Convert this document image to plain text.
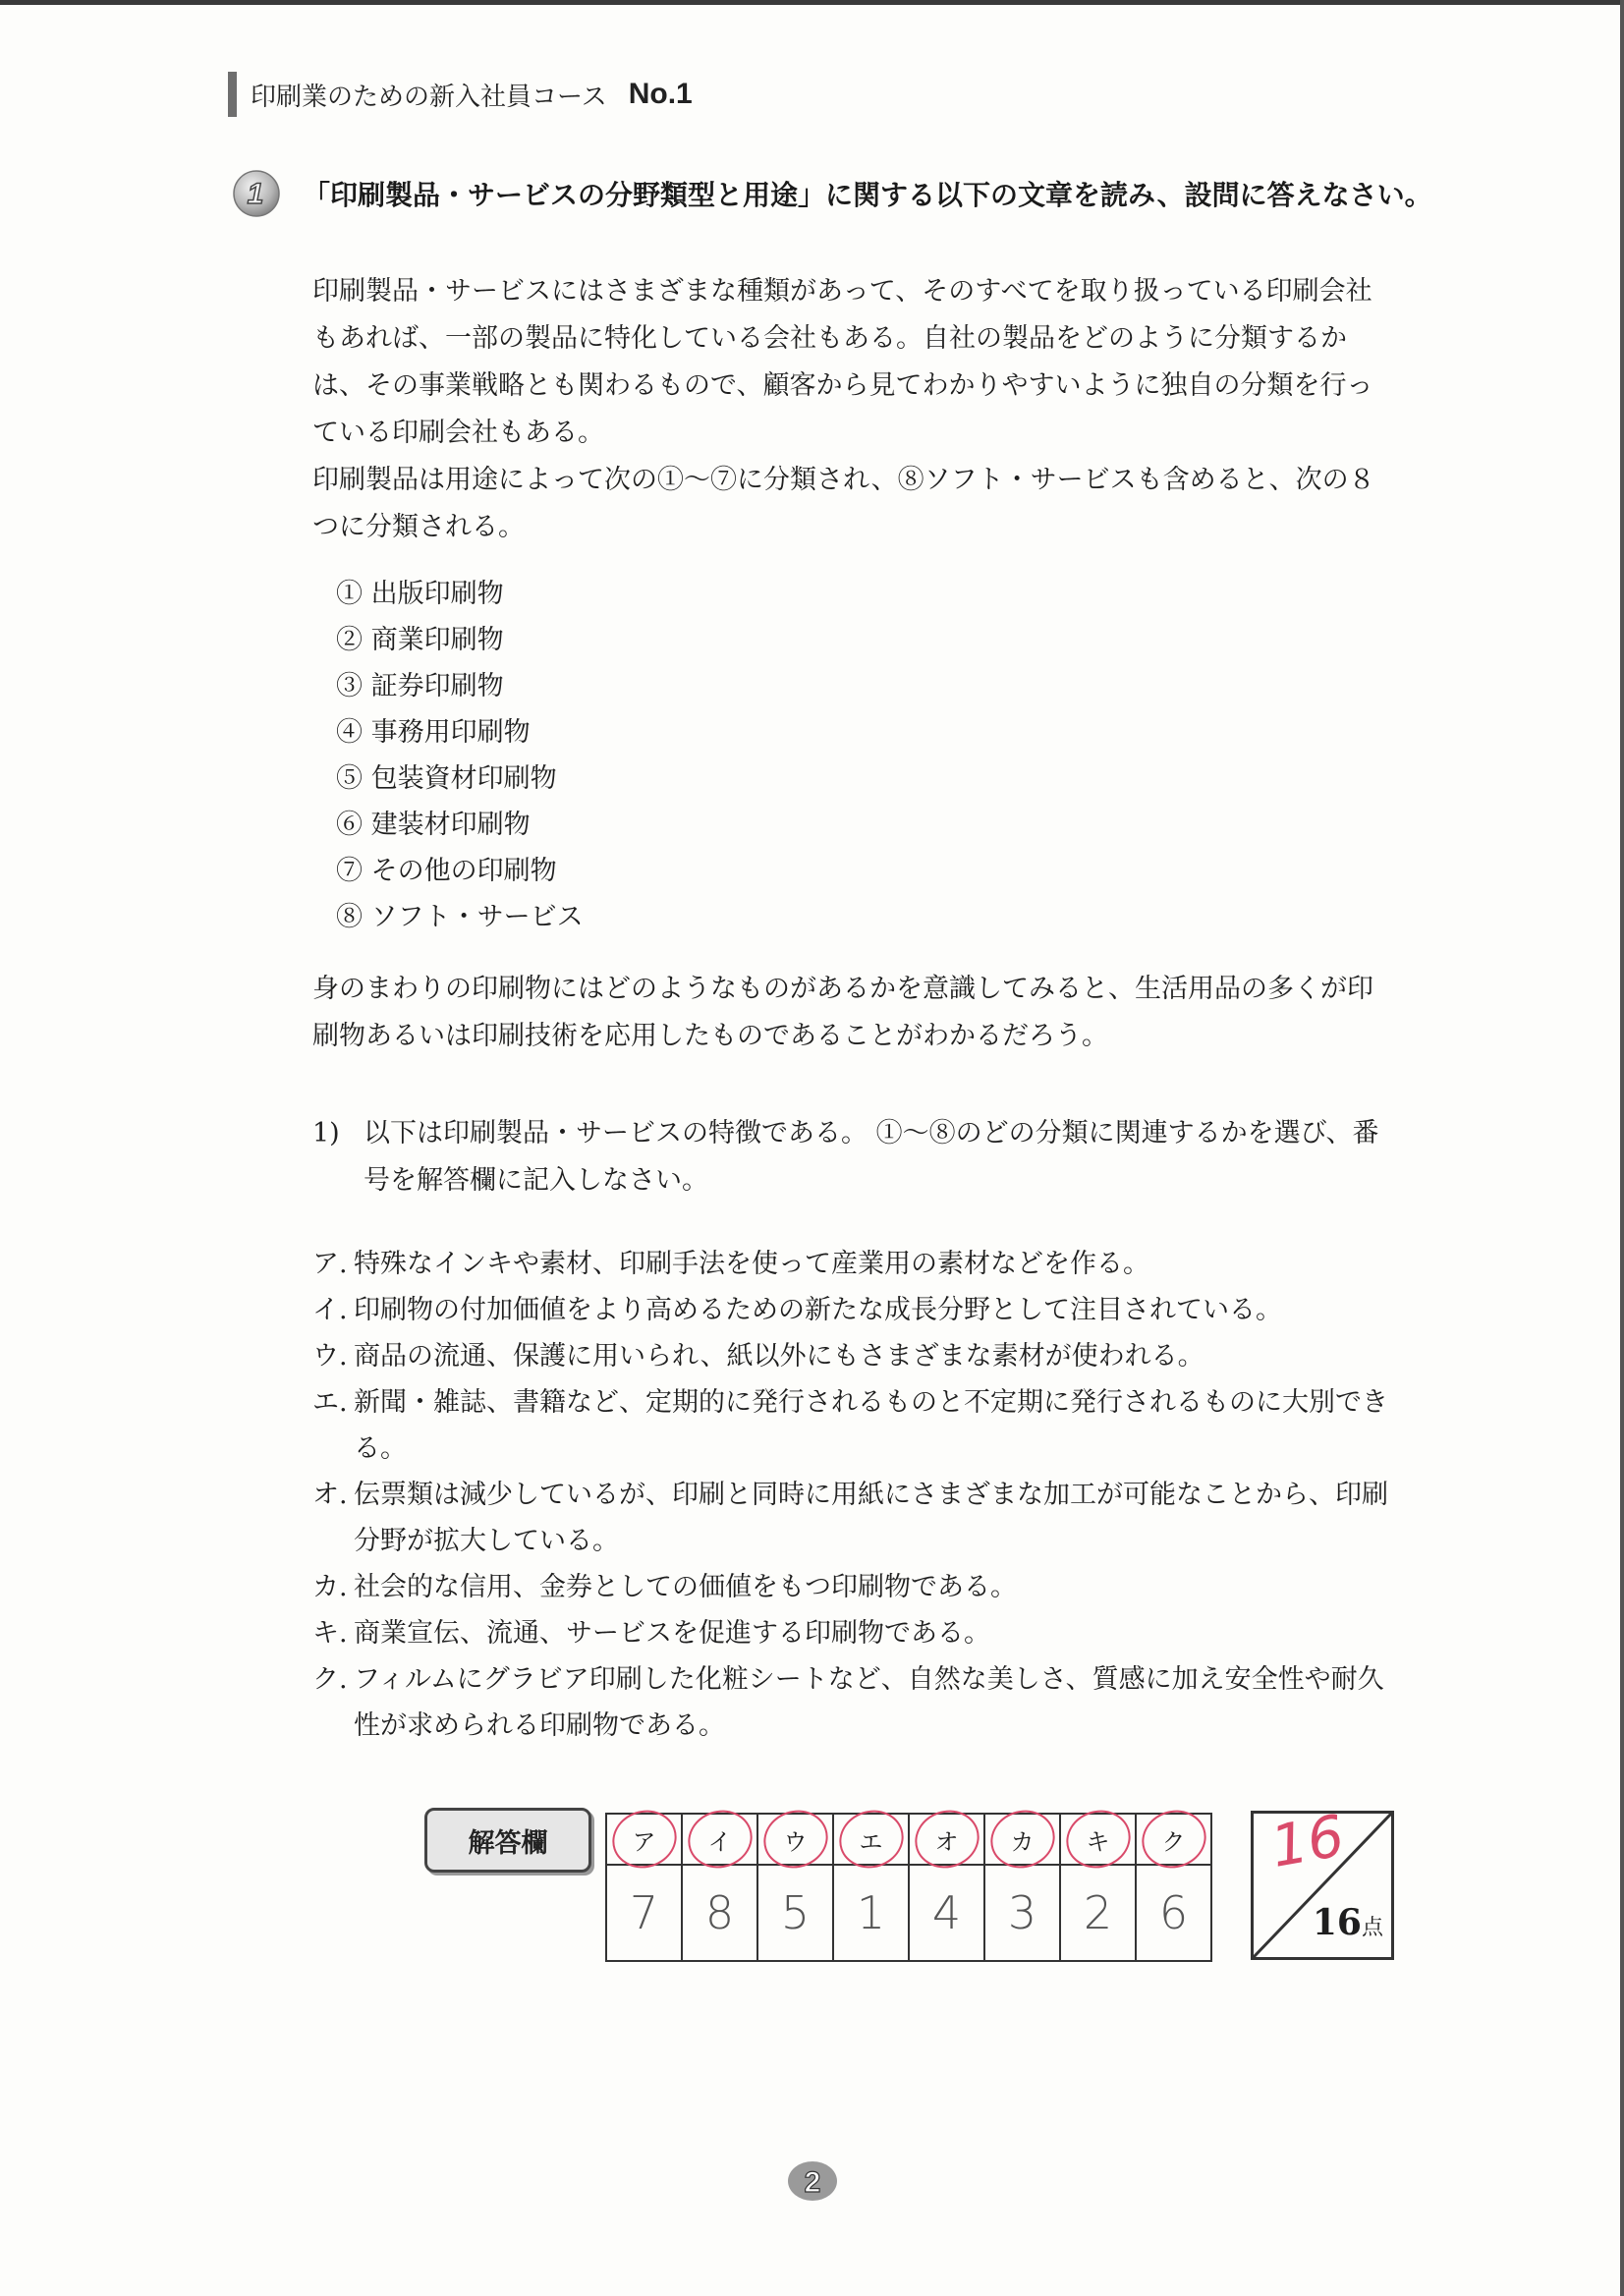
印刷業のための新入社員コース No.1
1 「印刷製品・サービスの分野類型と用途」に関する以下の文章を読み、設問に答えなさい。

印刷製品・サービスにはさまざまな種類があって、そのすべてを取り扱っている印刷会社もあれば、一部の製品に特化している会社もある。自社の製品をどのように分類するかは、その事業戦略とも関わるもので、顧客から見てわかりやすいように独自の分類を行っている印刷会社もある。

印刷製品は用途によって次の①～⑦に分類され、⑧ソフト・サービスも含めると、次の８つに分類される。

① 出版印刷物
② 商業印刷物
③ 証券印刷物
④ 事務用印刷物
⑤ 包装資材印刷物
⑥ 建装材印刷物
⑦ その他の印刷物
⑧ ソフト・サービス

身のまわりの印刷物にはどのようなものがあるかを意識してみると、生活用品の多くが印刷物あるいは印刷技術を応用したものであることがわかるだろう。

1) 以下は印刷製品・サービスの特徴である。 ①～⑧のどの分類に関連するかを選び、番号を解答欄に記入しなさい。
ア. 特殊なインキや素材、印刷手法を使って産業用の素材などを作る。
イ. 印刷物の付加価値をより高めるための新たな成長分野として注目されている。
ウ. 商品の流通、保護に用いられ、紙以外にもさまざまな素材が使われる。
エ. 新聞・雑誌、書籍など、定期的に発行されるものと不定期に発行されるものに大別できる。
オ. 伝票類は減少しているが、印刷と同時に用紙にさまざまな加工が可能なことから、印刷分野が拡大している。
カ. 社会的な信用、金券としての価値をもつ印刷物である。
キ. 商業宣伝、流通、サービスを促進する印刷物である。
ク. フィルムにグラビア印刷した化粧シートなど、自然な美しさ、質感に加え安全性や耐久性が求められる印刷物である。
解答欄	ア	イ	ウ	エ	オ	カ	キ	ク
7	8	5	1	4	3	2	6
16
16点
2
